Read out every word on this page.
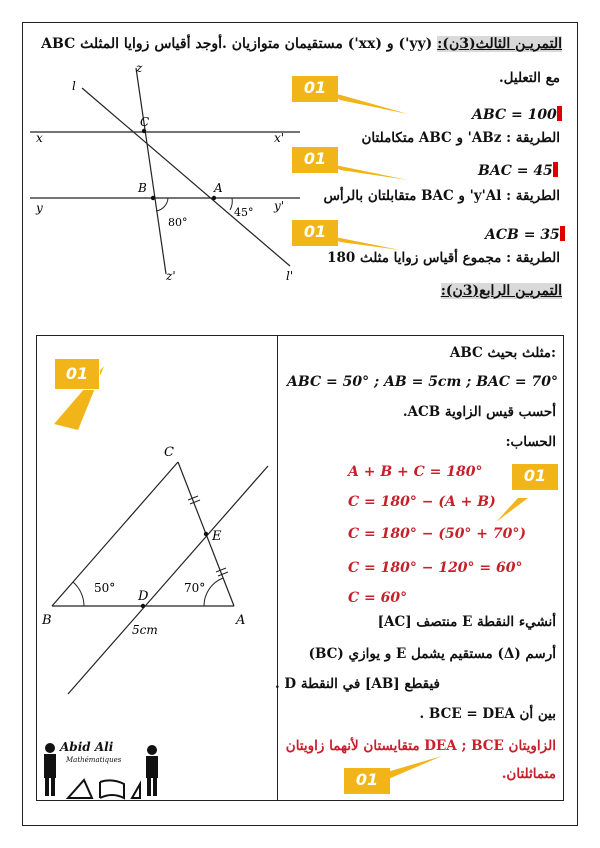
التمريـن الثالث(3ن): (yy') و (xx') مستقيمان متوازيان .أوجد أقياس زوايا المثلث ABC
مع التعليل.
z
l
C
x	x'
B	A
y	y'
80°
45°
z'	l'
01
01
01
ABC = 100
الطريقة : ABz' و ABC متكاملتان
BAC = 45
الطريقة : y'Al' و BAC متقابلتان بالرأس
ACB = 35
الطريقة : مجموع أقياس زوايا مثلث 180
التمريـن الرابع(3ن):
C
E
50°
D
70°
B	A
5cm
01
Abid Ali
Mathématiques
ABC مثلث بحيث:
ABC = 50° ; AB = 5cm ; BAC = 70°
أحسب قيس الزاوية ACB.
الحساب:
A + B + C = 180°
C = 180° − (A + B)
C = 180° − (50° + 70°)
C = 180° − 120° = 60°
C = 60°
01
أنشيء النقطة E منتصف [AC]
أرسم (Δ) مستقيم يشمل E و يوازي (BC)
فيقطع [AB] في النقطة D .
بين أن BCE = DEA .
الزاويتان DEA ; BCE متقايستان لأنهما زاويتان
متماثلتان.
01
